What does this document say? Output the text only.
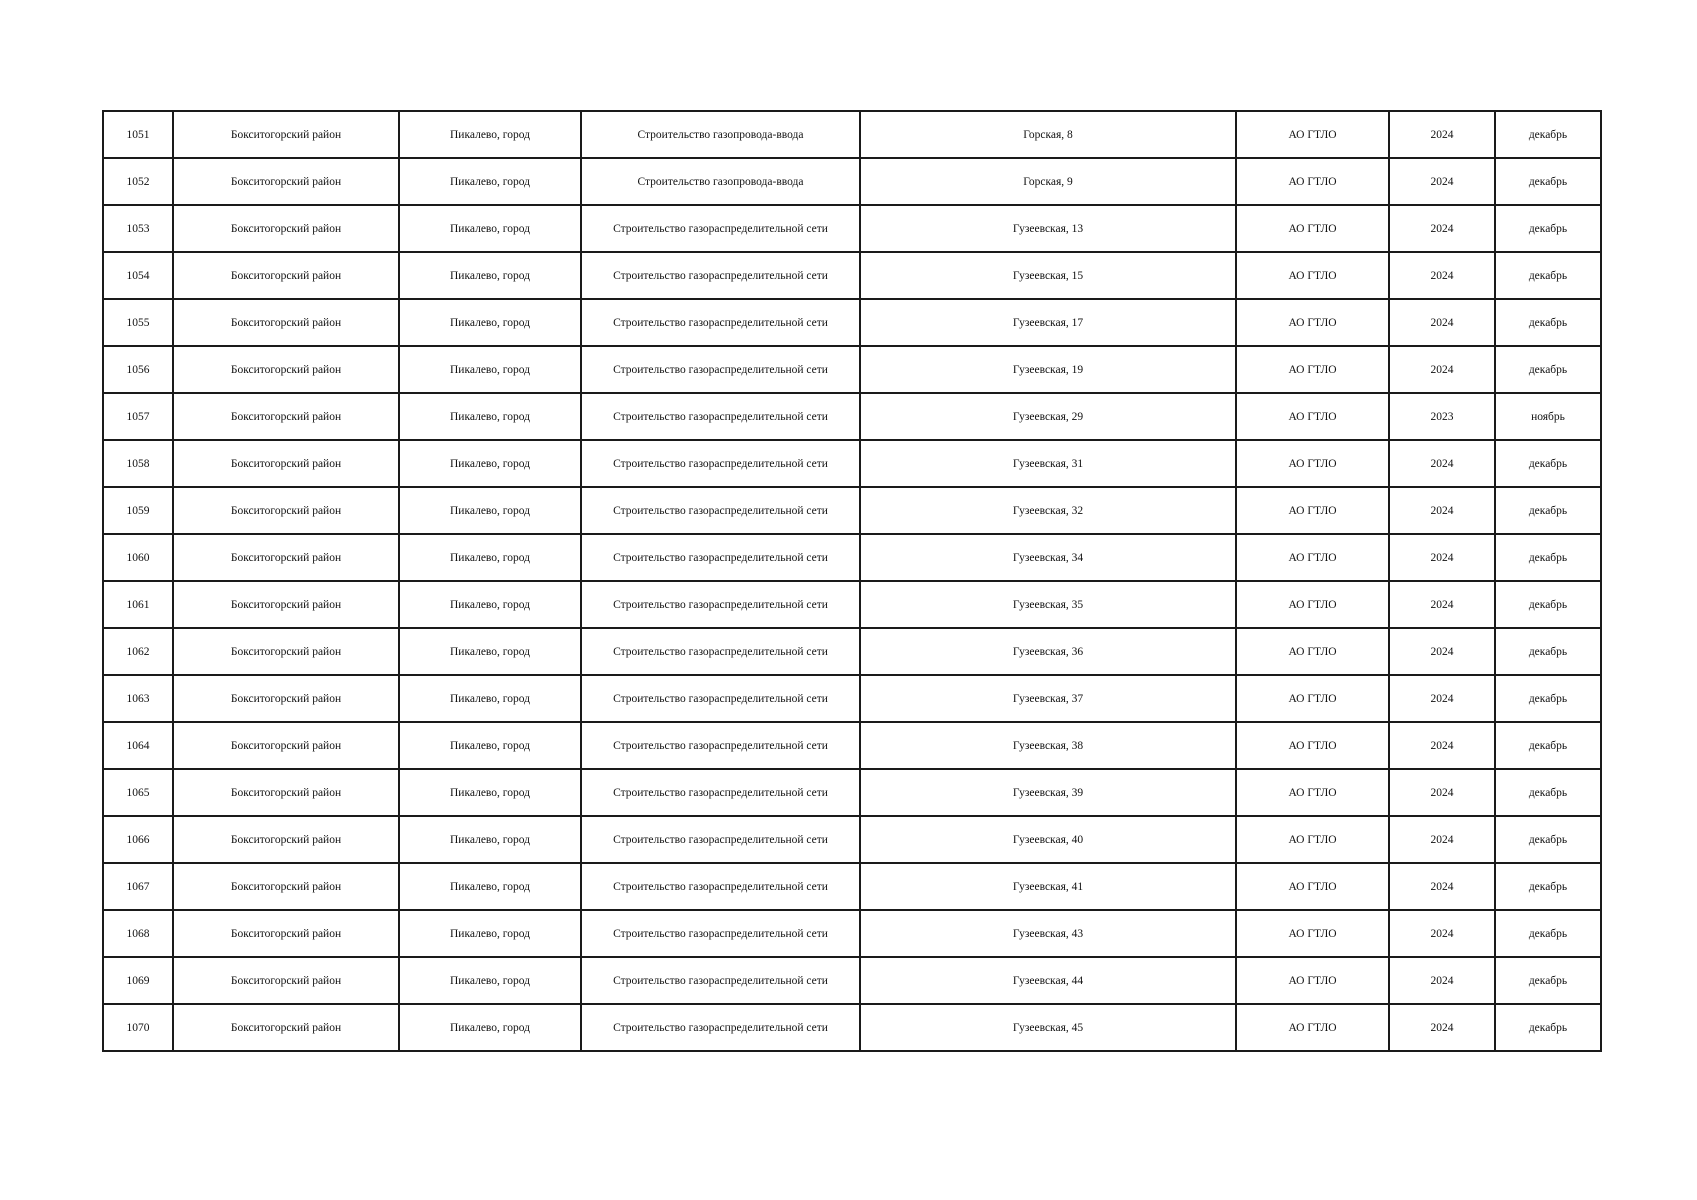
1051	Бокситогорский район	Пикалево, город	Строительство газопровода-ввода	Горская, 8	АО ГТЛО	2024	декабрь
1052	Бокситогорский район	Пикалево, город	Строительство газопровода-ввода	Горская, 9	АО ГТЛО	2024	декабрь
1053	Бокситогорский район	Пикалево, город	Строительство газораспределительной сети	Гузеевская, 13	АО ГТЛО	2024	декабрь
1054	Бокситогорский район	Пикалево, город	Строительство газораспределительной сети	Гузеевская, 15	АО ГТЛО	2024	декабрь
1055	Бокситогорский район	Пикалево, город	Строительство газораспределительной сети	Гузеевская, 17	АО ГТЛО	2024	декабрь
1056	Бокситогорский район	Пикалево, город	Строительство газораспределительной сети	Гузеевская, 19	АО ГТЛО	2024	декабрь
1057	Бокситогорский район	Пикалево, город	Строительство газораспределительной сети	Гузеевская, 29	АО ГТЛО	2023	ноябрь
1058	Бокситогорский район	Пикалево, город	Строительство газораспределительной сети	Гузеевская, 31	АО ГТЛО	2024	декабрь
1059	Бокситогорский район	Пикалево, город	Строительство газораспределительной сети	Гузеевская, 32	АО ГТЛО	2024	декабрь
1060	Бокситогорский район	Пикалево, город	Строительство газораспределительной сети	Гузеевская, 34	АО ГТЛО	2024	декабрь
1061	Бокситогорский район	Пикалево, город	Строительство газораспределительной сети	Гузеевская, 35	АО ГТЛО	2024	декабрь
1062	Бокситогорский район	Пикалево, город	Строительство газораспределительной сети	Гузеевская, 36	АО ГТЛО	2024	декабрь
1063	Бокситогорский район	Пикалево, город	Строительство газораспределительной сети	Гузеевская, 37	АО ГТЛО	2024	декабрь
1064	Бокситогорский район	Пикалево, город	Строительство газораспределительной сети	Гузеевская, 38	АО ГТЛО	2024	декабрь
1065	Бокситогорский район	Пикалево, город	Строительство газораспределительной сети	Гузеевская, 39	АО ГТЛО	2024	декабрь
1066	Бокситогорский район	Пикалево, город	Строительство газораспределительной сети	Гузеевская, 40	АО ГТЛО	2024	декабрь
1067	Бокситогорский район	Пикалево, город	Строительство газораспределительной сети	Гузеевская, 41	АО ГТЛО	2024	декабрь
1068	Бокситогорский район	Пикалево, город	Строительство газораспределительной сети	Гузеевская, 43	АО ГТЛО	2024	декабрь
1069	Бокситогорский район	Пикалево, город	Строительство газораспределительной сети	Гузеевская, 44	АО ГТЛО	2024	декабрь
1070	Бокситогорский район	Пикалево, город	Строительство газораспределительной сети	Гузеевская, 45	АО ГТЛО	2024	декабрь
